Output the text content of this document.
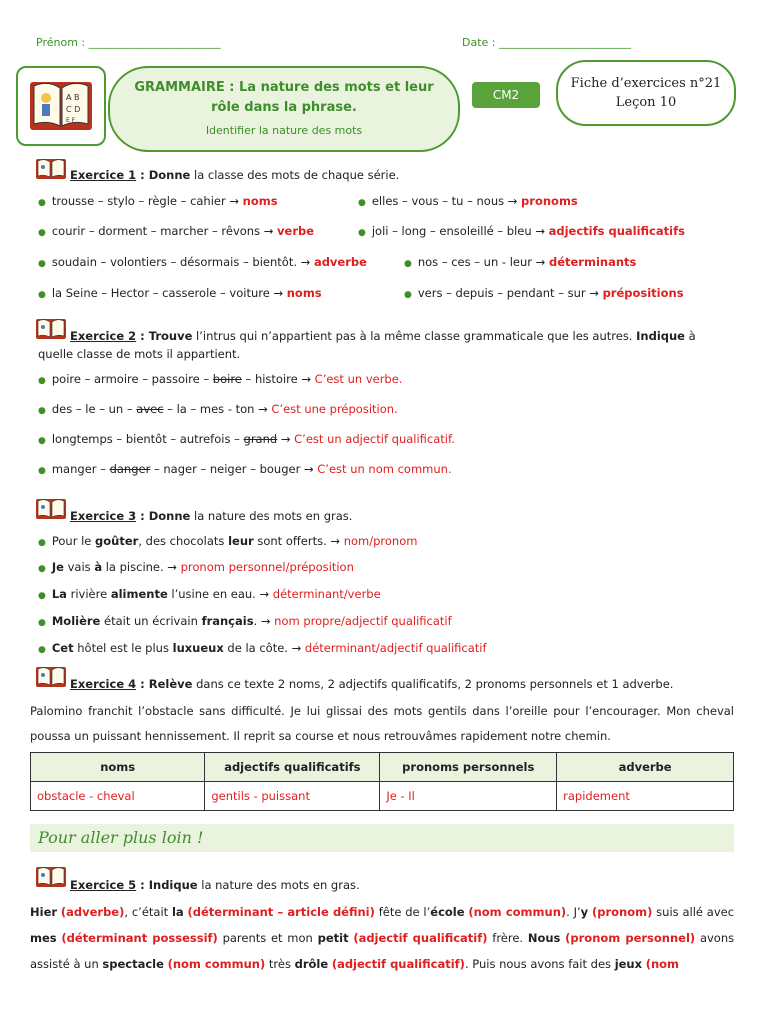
Prénom : ________________________	Date : ________________________
A B
C D
E F
GRAMMAIRE : La nature des mots et leur
rôle dans la phrase.
Identifier la nature des mots
CM2
Fiche d’exercices n°21
Leçon 10
Exercice 1 : Donne la classe des mots de chaque série.
● trousse – stylo – règle – cahier → noms	● elles – vous – tu – nous → pronoms
● courir – dorment – marcher – rêvons → verbe	● joli – long – ensoleillé – bleu → adjectifs qualificatifs
● soudain – volontiers – désormais – bientôt. → adverbe	● nos – ces – un - leur → déterminants
● la Seine – Hector – casserole – voiture → noms	● vers – depuis – pendant – sur → prépositions
Exercice 2 : Trouve l’intrus qui n’appartient pas à la même classe grammaticale que les autres. Indique à
quelle classe de mots il appartient.
● poire – armoire – passoire – boire – histoire → C’est un verbe.
● des – le – un – avec – la – mes - ton → C’est une préposition.
● longtemps – bientôt – autrefois – grand → C’est un adjectif qualificatif.
● manger – danger – nager – neiger – bouger → C’est un nom commun.
Exercice 3 : Donne la nature des mots en gras.
● Pour le goûter, des chocolats leur sont offerts. → nom/pronom
● Je vais à la piscine. → pronom personnel/préposition
● La rivière alimente l’usine en eau. → déterminant/verbe
● Molière était un écrivain français. → nom propre/adjectif qualificatif
● Cet hôtel est le plus luxueux de la côte. → déterminant/adjectif qualificatif
Exercice 4 : Relève dans ce texte 2 noms, 2 adjectifs qualificatifs, 2 pronoms personnels et 1 adverbe.
Palomino franchit l’obstacle sans difficulté. Je lui glissai des mots gentils dans l’oreille pour l’encourager. Mon cheval poussa un puissant hennissement. Il reprit sa course et nous retrouvâmes rapidement notre chemin.
noms	adjectifs qualificatifs	pronoms personnels	adverbe
obstacle - cheval	gentils - puissant	Je - Il	rapidement
Pour aller plus loin !
Exercice 5 : Indique la nature des mots en gras.
Hier (adverbe), c’était la (déterminant – article défini) fête de l’école (nom commun). J’y (pronom) suis allé avec mes (déterminant possessif) parents et mon petit (adjectif qualificatif) frère. Nous (pronom personnel) avons assisté à un spectacle (nom commun) très drôle (adjectif qualificatif). Puis nous avons fait des jeux (nom
